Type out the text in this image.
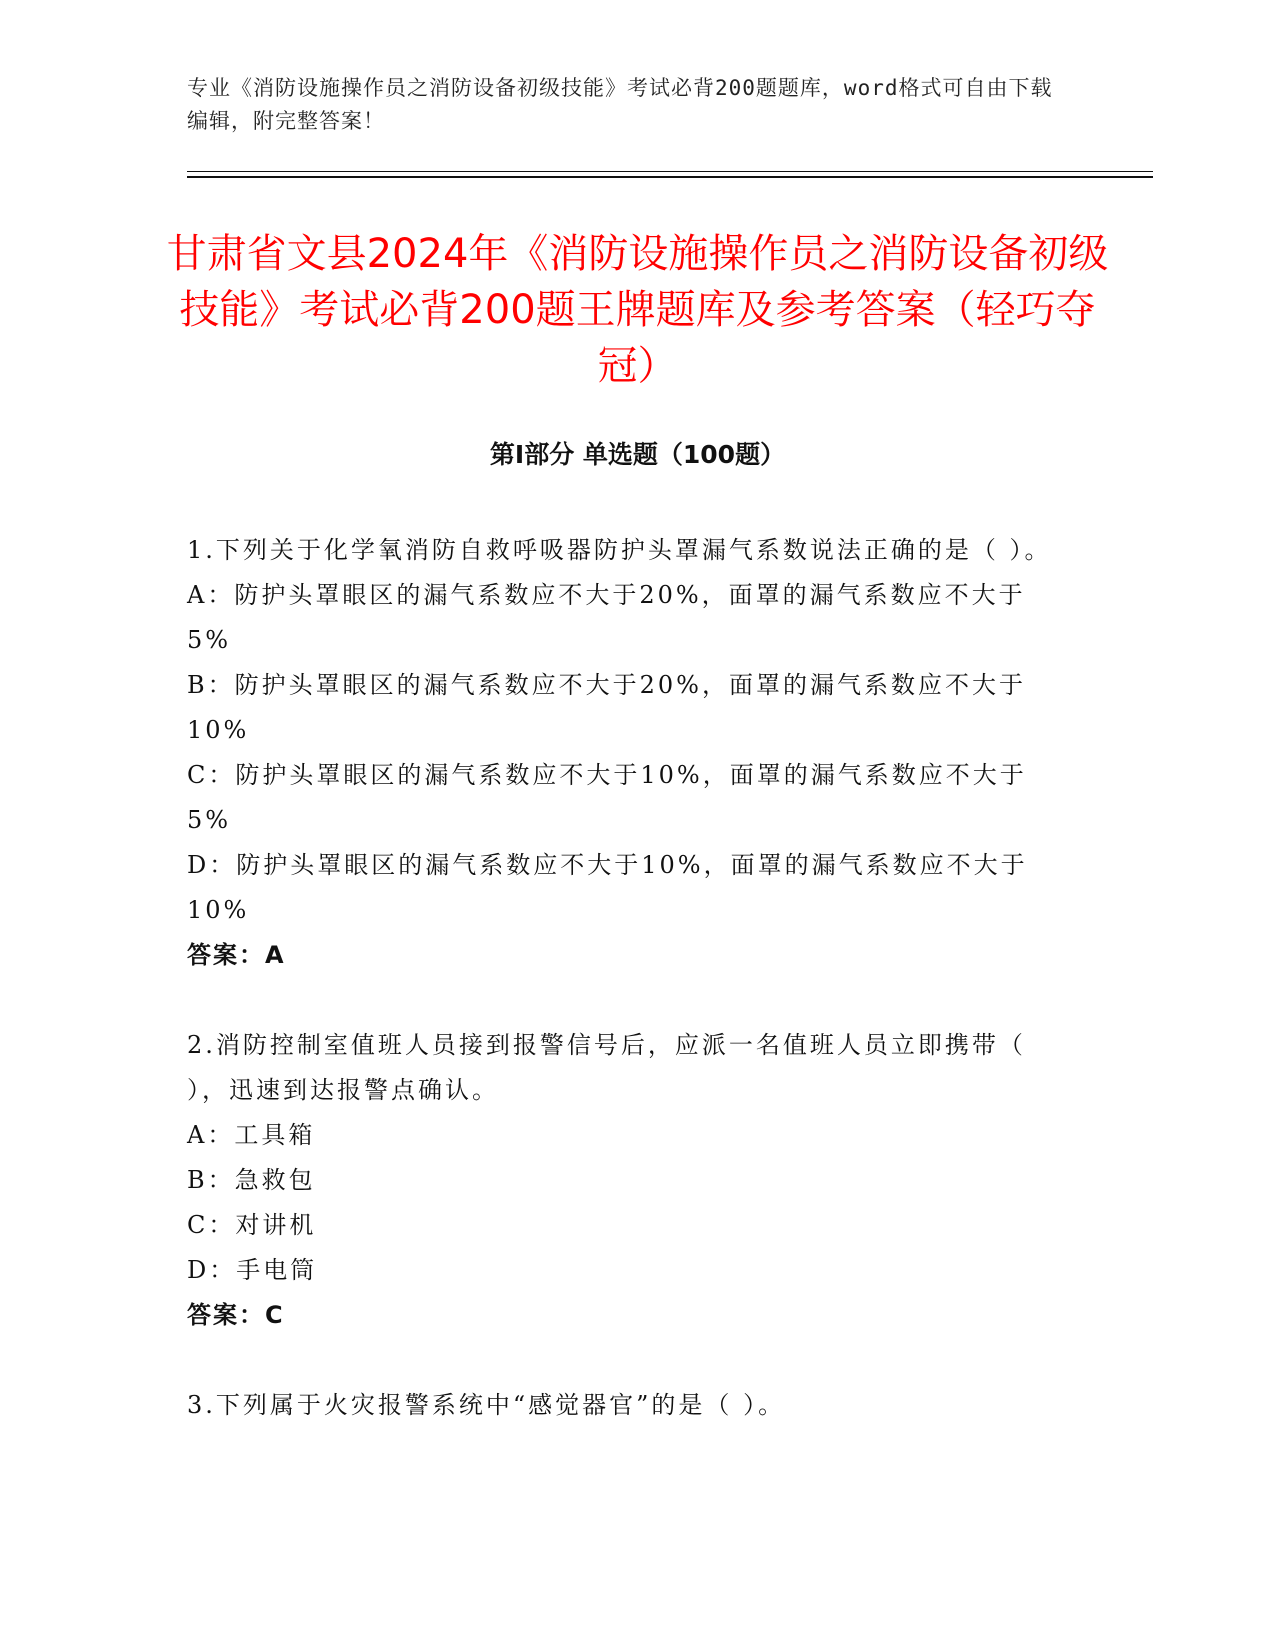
专业《消防设施操作员之消防设备初级技能》考试必背200题题库，word格式可自由下载编辑，附完整答案！

甘肃省文县2024年《消防设施操作员之消防设备初级技能》考试必背200题王牌题库及参考答案（轻巧夺冠）
第I部分 单选题（100题）

1.下列关于化学氧消防自救呼吸器防护头罩漏气系数说法正确的是（ ）。

A：防护头罩眼区的漏气系数应不大于20%，面罩的漏气系数应不大于5%

B：防护头罩眼区的漏气系数应不大于20%，面罩的漏气系数应不大于10%

C：防护头罩眼区的漏气系数应不大于10%，面罩的漏气系数应不大于5%

D：防护头罩眼区的漏气系数应不大于10%，面罩的漏气系数应不大于10%

答案：A

2.消防控制室值班人员接到报警信号后，应派一名值班人员立即携带（ ），迅速到达报警点确认。

A：工具箱

B：急救包

C：对讲机

D：手电筒

答案：C

3.下列属于火灾报警系统中“感觉器官”的是（ ）。
